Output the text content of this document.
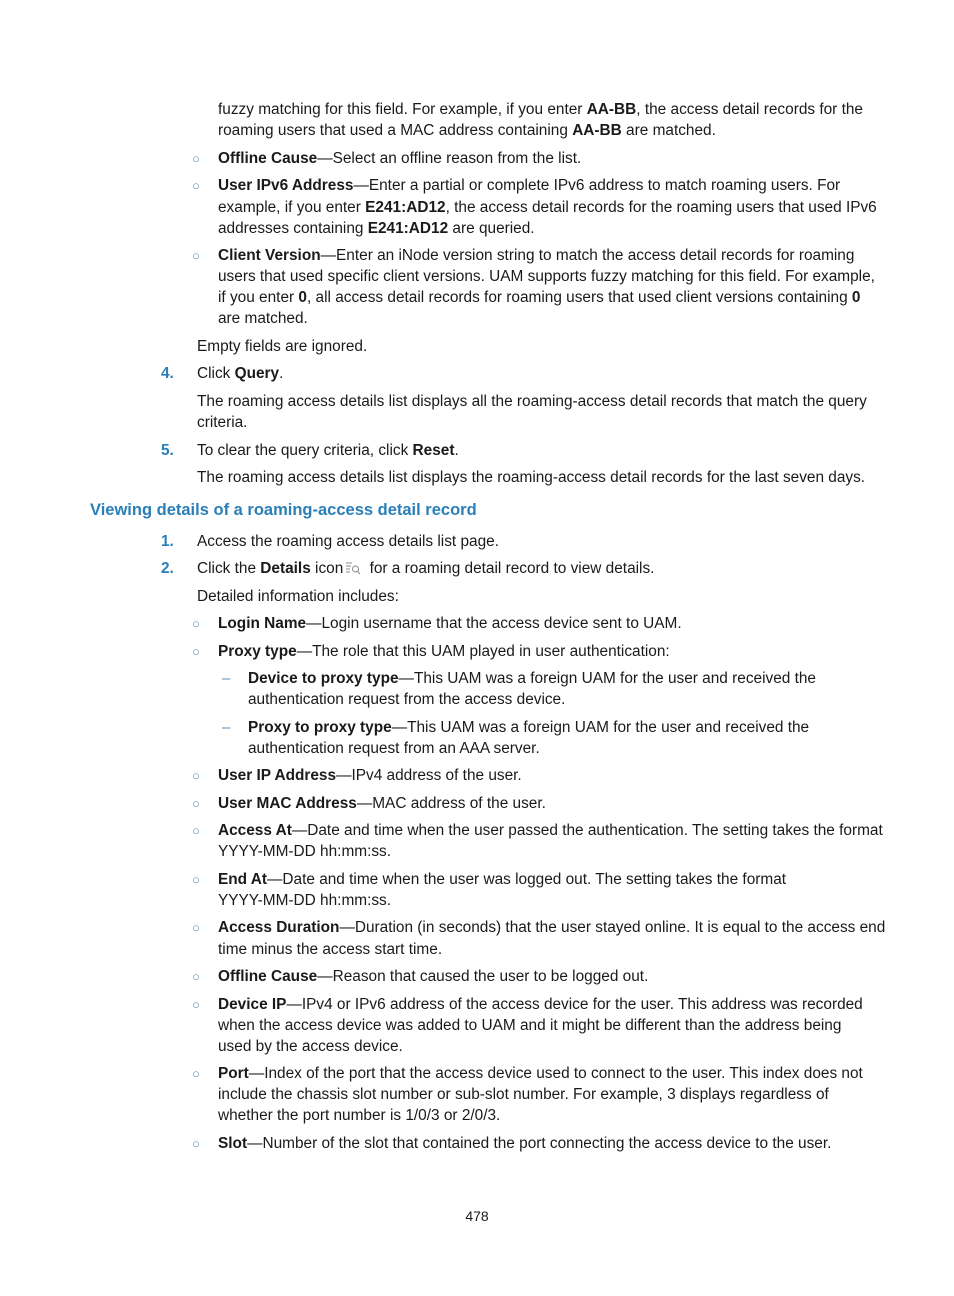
fuzzy matching for this field. For example, if you enter AA-BB, the access detail records for the
roaming users that used a MAC address containing AA-BB are matched.
○ Offline Cause—Select an offline reason from the list.
○ User IPv6 Address—Enter a partial or complete IPv6 address to match roaming users. For
example, if you enter E241:AD12, the access detail records for the roaming users that used IPv6
addresses containing E241:AD12 are queried.
○ Client Version—Enter an iNode version string to match the access detail records for roaming
users that used specific client versions. UAM supports fuzzy matching for this field. For example,
if you enter 0, all access detail records for roaming users that used client versions containing 0
are matched.
Empty fields are ignored.
4. Click Query.
The roaming access details list displays all the roaming-access detail records that match the query
criteria.
5. To clear the query criteria, click Reset.
The roaming access details list displays the roaming-access detail records for the last seven days.
Viewing details of a roaming-access detail record
1. Access the roaming access details list page.
2. Click the Details icon for a roaming detail record to view details.
Detailed information includes:
○ Login Name—Login username that the access device sent to UAM.
○ Proxy type—The role that this UAM played in user authentication:
– Device to proxy type—This UAM was a foreign UAM for the user and received the
authentication request from the access device.
– Proxy to proxy type—This UAM was a foreign UAM for the user and received the
authentication request from an AAA server.
○ User IP Address—IPv4 address of the user.
○ User MAC Address—MAC address of the user.
○ Access At—Date and time when the user passed the authentication. The setting takes the format
YYYY-MM-DD hh:mm:ss.
○ End At—Date and time when the user was logged out. The setting takes the format
YYYY-MM-DD hh:mm:ss.
○ Access Duration—Duration (in seconds) that the user stayed online. It is equal to the access end
time minus the access start time.
○ Offline Cause—Reason that caused the user to be logged out.
○ Device IP—IPv4 or IPv6 address of the access device for the user. This address was recorded
when the access device was added to UAM and it might be different than the address being
used by the access device.
○ Port—Index of the port that the access device used to connect to the user. This index does not
include the chassis slot number or sub-slot number. For example, 3 displays regardless of
whether the port number is 1/0/3 or 2/0/3.
○ Slot—Number of the slot that contained the port connecting the access device to the user.
478
